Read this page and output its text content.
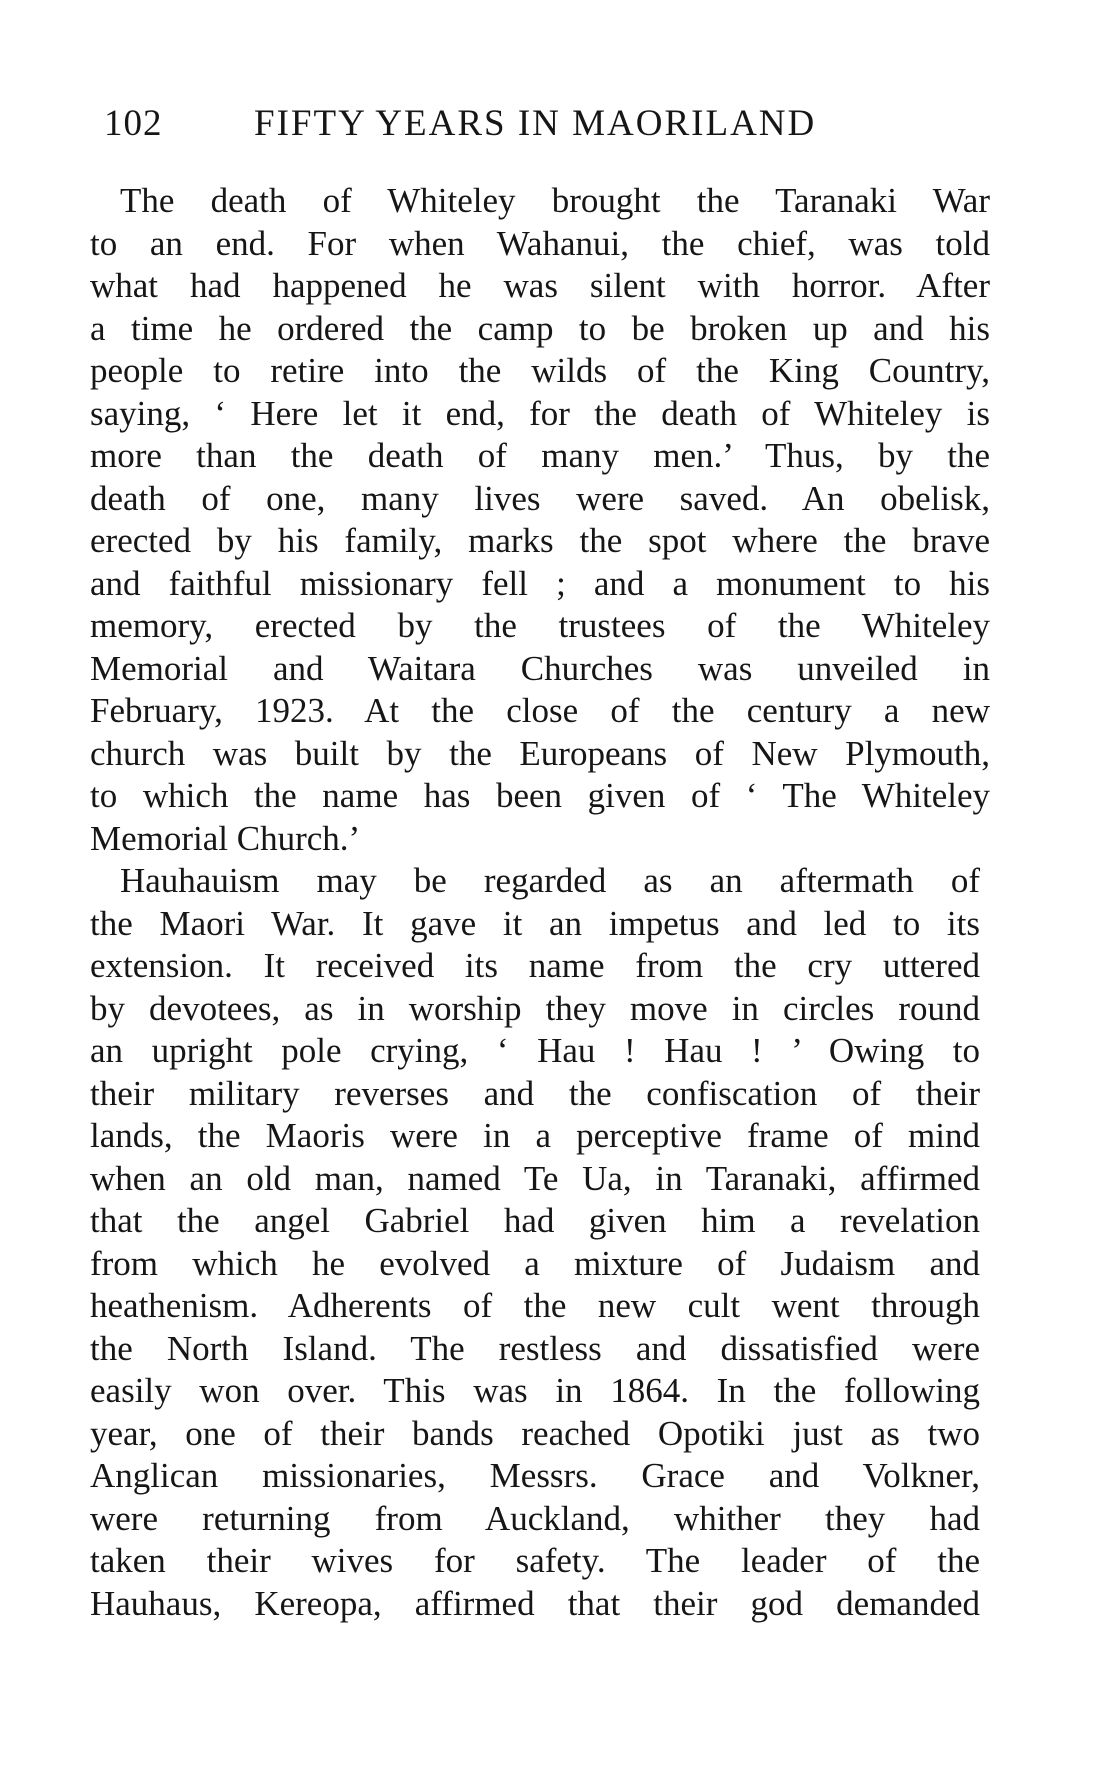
102 FIFTY YEARS IN MAORILAND
The death of Whiteley brought the Taranaki War
to an end. For when Wahanui, the chief, was told
what had happened he was silent with horror. After
a time he ordered the camp to be broken up and his
people to retire into the wilds of the King Country,
saying, ‘ Here let it end, for the death of Whiteley is
more than the death of many men.’ Thus, by the
death of one, many lives were saved. An obelisk,
erected by his family, marks the spot where the brave
and faithful missionary fell ; and a monument to his
memory, erected by the trustees of the Whiteley
Memorial and Waitara Churches was unveiled in
February, 1923. At the close of the century a new
church was built by the Europeans of New Plymouth,
to which the name has been given of ‘ The Whiteley
Memorial Church.’
Hauhauism may be regarded as an aftermath of
the Maori War. It gave it an impetus and led to its
extension. It received its name from the cry uttered
by devotees, as in worship they move in circles round
an upright pole crying, ‘ Hau ! Hau ! ’ Owing to
their military reverses and the confiscation of their
lands, the Maoris were in a perceptive frame of mind
when an old man, named Te Ua, in Taranaki, affirmed
that the angel Gabriel had given him a revelation
from which he evolved a mixture of Judaism and
heathenism. Adherents of the new cult went through
the North Island. The restless and dissatisfied were
easily won over. This was in 1864. In the following
year, one of their bands reached Opotiki just as two
Anglican missionaries, Messrs. Grace and Volkner,
were returning from Auckland, whither they had
taken their wives for safety. The leader of the
Hauhaus, Kereopa, affirmed that their god demanded
